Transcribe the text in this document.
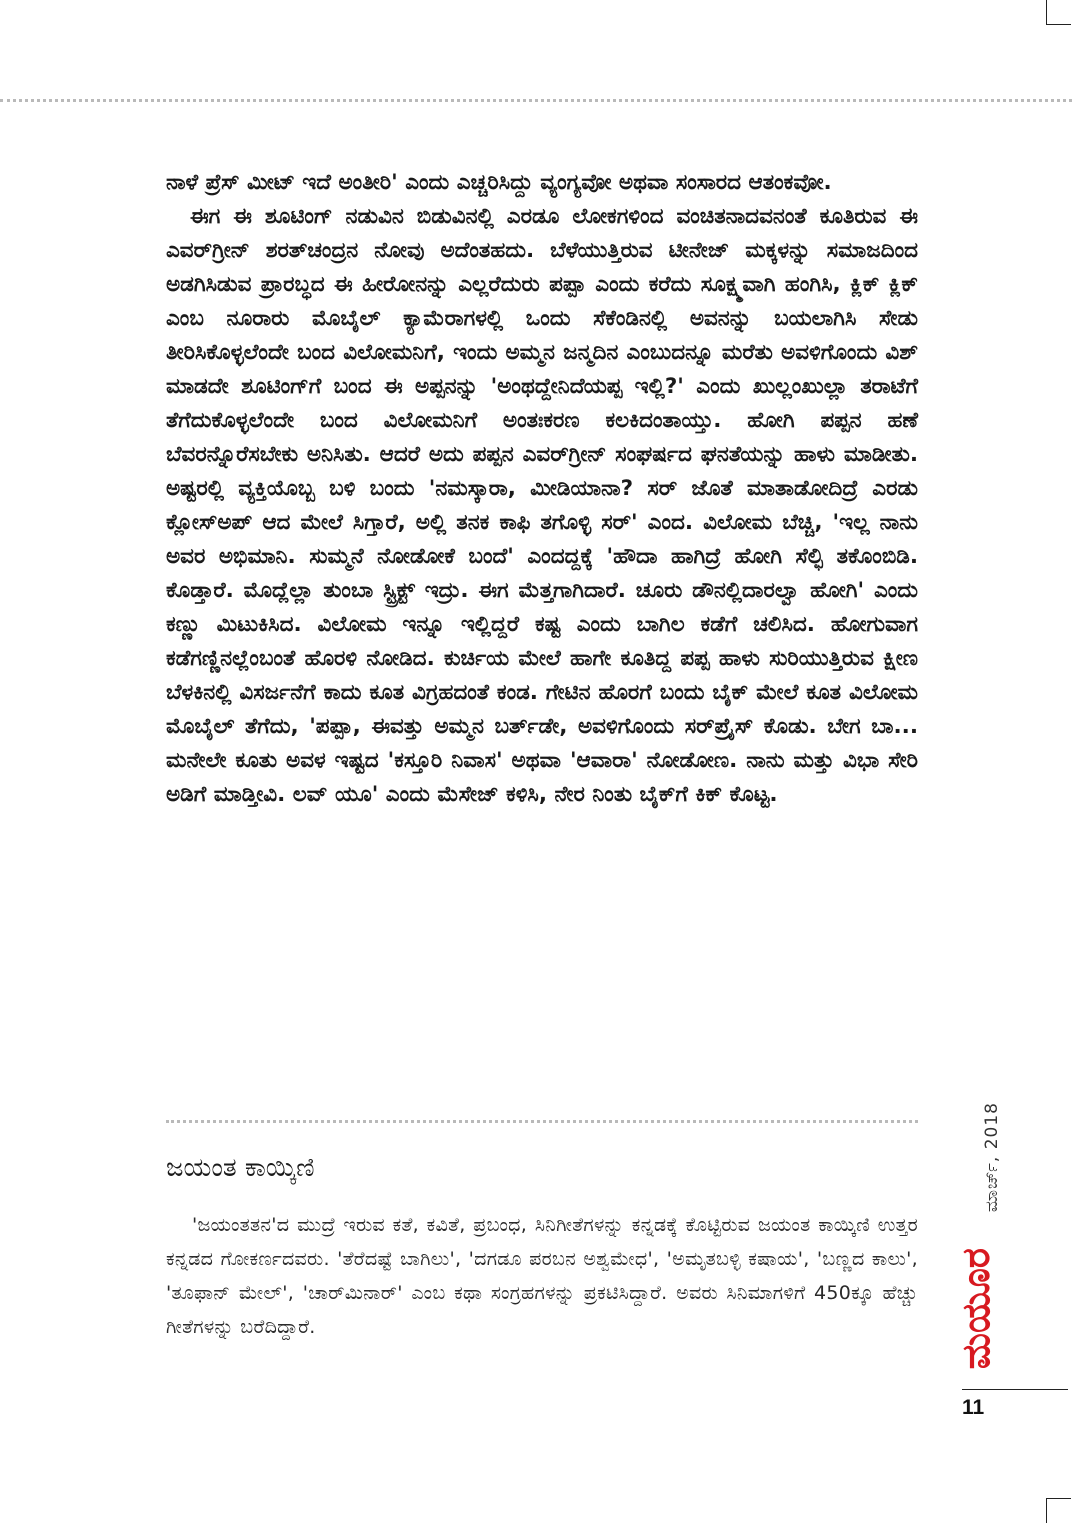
ನಾಳೆ ಪ್ರೆಸ್ ಮೀಟ್ ಇದೆ ಅಂತೀರಿ' ಎಂದು ಎಚ್ಚರಿಸಿದ್ದು ವ್ಯಂಗ್ಯವೋ ಅಥವಾ ಸಂಸಾರದ ಆತಂಕವೋ.

ಈಗ ಈ ಶೂಟಿಂಗ್ ನಡುವಿನ ಬಿಡುವಿನಲ್ಲಿ ಎರಡೂ ಲೋಕಗಳಿಂದ ವಂಚಿತನಾದವನಂತೆ ಕೂತಿರುವ ಈ ಎವರ್‌ಗ್ರೀನ್ ಶರತ್‌ಚಂದ್ರನ ನೋವು ಅದೆಂತಹದು. ಬೆಳೆಯುತ್ತಿರುವ ಟೀನೇಜ್ ಮಕ್ಕಳನ್ನು ಸಮಾಜದಿಂದ ಅಡಗಿಸಿಡುವ ಪ್ರಾರಬ್ಧದ ಈ ಹೀರೋನನ್ನು ಎಲ್ಲರೆದುರು ಪಪ್ಪಾ ಎಂದು ಕರೆದು ಸೂಕ್ಷ್ಮವಾಗಿ ಹಂಗಿಸಿ, ಕ್ಲಿಕ್ ಕ್ಲಿಕ್ ಎಂಬ ನೂರಾರು ಮೊಬೈಲ್ ಕ್ಯಾಮೆರಾಗಳಲ್ಲಿ ಒಂದು ಸೆಕೆಂಡಿನಲ್ಲಿ ಅವನನ್ನು ಬಯಲಾಗಿಸಿ ಸೇಡು ತೀರಿಸಿಕೊಳ್ಳಲೆಂದೇ ಬಂದ ವಿಲೋಮನಿಗೆ, ಇಂದು ಅಮ್ಮನ ಜನ್ಮದಿನ ಎಂಬುದನ್ನೂ ಮರೆತು ಅವಳಿಗೊಂದು ವಿಶ್ ಮಾಡದೇ ಶೂಟಿಂಗ್‌ಗೆ ಬಂದ ಈ ಅಪ್ಪನನ್ನು 'ಅಂಥದ್ದೇನಿದೆಯಪ್ಪ ಇಲ್ಲಿ?' ಎಂದು ಖುಲ್ಲಂಖುಲ್ಲಾ ತರಾಟೆಗೆ ತೆಗೆದುಕೊಳ್ಳಲೆಂದೇ ಬಂದ ವಿಲೋಮನಿಗೆ ಅಂತಃಕರಣ ಕಲಕಿದಂತಾಯ್ತು. ಹೋಗಿ ಪಪ್ಪನ ಹಣೆ ಬೆವರನ್ನೊರೆಸಬೇಕು ಅನಿಸಿತು. ಆದರೆ ಅದು ಪಪ್ಪನ ಎವರ್‌ಗ್ರೀನ್ ಸಂಘರ್ಷದ ಘನತೆಯನ್ನು ಹಾಳು ಮಾಡೀತು. ಅಷ್ಟರಲ್ಲಿ ವ್ಯಕ್ತಿಯೊಬ್ಬ ಬಳಿ ಬಂದು 'ನಮಸ್ಕಾರಾ, ಮೀಡಿಯಾನಾ? ಸರ್ ಜೊತೆ ಮಾತಾಡೋದಿದ್ರೆ ಎರಡು ಕ್ಲೋಸ್‌ಅಪ್ ಆದ ಮೇಲೆ ಸಿಗ್ತಾರೆ, ಅಲ್ಲಿ ತನಕ ಕಾಫಿ ತಗೊಳ್ಳಿ ಸರ್' ಎಂದ. ವಿಲೋಮ ಬೆಚ್ಚಿ, 'ಇಲ್ಲ ನಾನು ಅವರ ಅಭಿಮಾನಿ. ಸುಮ್ಮನೆ ನೋಡೋಕೆ ಬಂದೆ' ಎಂದದ್ದಕ್ಕೆ 'ಹೌದಾ ಹಾಗಿದ್ರೆ ಹೋಗಿ ಸೆಲ್ಫಿ ತಕೊಂಬಿಡಿ. ಕೊಡ್ತಾರೆ. ಮೊದ್ಲೆಲ್ಲಾ ತುಂಬಾ ಸ್ಟ್ರಿಕ್ಟ್ ಇದ್ರು. ಈಗ ಮೆತ್ತಗಾಗಿದಾರೆ. ಚೂರು ಡೌನಲ್ಲಿದಾರಲ್ವಾ ಹೋಗಿ' ಎಂದು ಕಣ್ಣು ಮಿಟುಕಿಸಿದ. ವಿಲೋಮ ಇನ್ನೂ ಇಲ್ಲಿದ್ದರೆ ಕಷ್ಟ ಎಂದು ಬಾಗಿಲ ಕಡೆಗೆ ಚಲಿಸಿದ. ಹೋಗುವಾಗ ಕಡೆಗಣ್ಣಿನಲ್ಲೆಂಬಂತೆ ಹೊರಳಿ ನೋಡಿದ. ಕುರ್ಚಿಯ ಮೇಲೆ ಹಾಗೇ ಕೂತಿದ್ದ ಪಪ್ಪ ಹಾಳು ಸುರಿಯುತ್ತಿರುವ ಕ್ಷೀಣ ಬೆಳಕಿನಲ್ಲಿ ವಿಸರ್ಜನೆಗೆ ಕಾದು ಕೂತ ವಿಗ್ರಹದಂತೆ ಕಂಡ. ಗೇಟಿನ ಹೊರಗೆ ಬಂದು ಬೈಕ್ ಮೇಲೆ ಕೂತ ವಿಲೋಮ ಮೊಬೈಲ್ ತೆಗೆದು, 'ಪಪ್ಪಾ, ಈವತ್ತು ಅಮ್ಮನ ಬರ್ತ್‌ಡೇ, ಅವಳಿಗೊಂದು ಸರ್‌ಪ್ರೈಸ್ ಕೊಡು. ಬೇಗ ಬಾ... ಮನೇಲೇ ಕೂತು ಅವಳ ಇಷ್ಟದ 'ಕಸ್ತೂರಿ ನಿವಾಸ' ಅಥವಾ 'ಆವಾರಾ' ನೋಡೋಣ. ನಾನು ಮತ್ತು ವಿಭಾ ಸೇರಿ ಅಡಿಗೆ ಮಾಡ್ತೀವಿ. ಲವ್ ಯೂ' ಎಂದು ಮೆಸೇಜ್ ಕಳಿಸಿ, ನೇರ ನಿಂತು ಬೈಕ್‌ಗೆ ಕಿಕ್ ಕೊಟ್ಟ.

ಜಯಂತ ಕಾಯ್ಕಿಣಿ

'ಜಯಂತತನ'ದ ಮುದ್ರೆ ಇರುವ ಕತೆ, ಕವಿತೆ, ಪ್ರಬಂಧ, ಸಿನಿಗೀತೆಗಳನ್ನು ಕನ್ನಡಕ್ಕೆ ಕೊಟ್ಟಿರುವ ಜಯಂತ ಕಾಯ್ಕಿಣಿ ಉತ್ತರ ಕನ್ನಡದ ಗೋಕರ್ಣದವರು. 'ತೆರೆದಷ್ಟೆ ಬಾಗಿಲು', 'ದಗಡೂ ಪರಬನ ಅಶ್ವಮೇಧ', 'ಅಮೃತಬಳ್ಳಿ ಕಷಾಯ', 'ಬಣ್ಣದ ಕಾಲು', 'ತೂಫಾನ್ ಮೇಲ್', 'ಚಾರ್‌ಮಿನಾರ್' ಎಂಬ ಕಥಾ ಸಂಗ್ರಹಗಳನ್ನು ಪ್ರಕಟಿಸಿದ್ದಾರೆ. ಅವರು ಸಿನಿಮಾಗಳಿಗೆ 450ಕ್ಕೂ ಹೆಚ್ಚು ಗೀತೆಗಳನ್ನು ಬರೆದಿದ್ದಾರೆ.

ಮಾರ್ಚ್, 2018
ಮಯೂರ
11
